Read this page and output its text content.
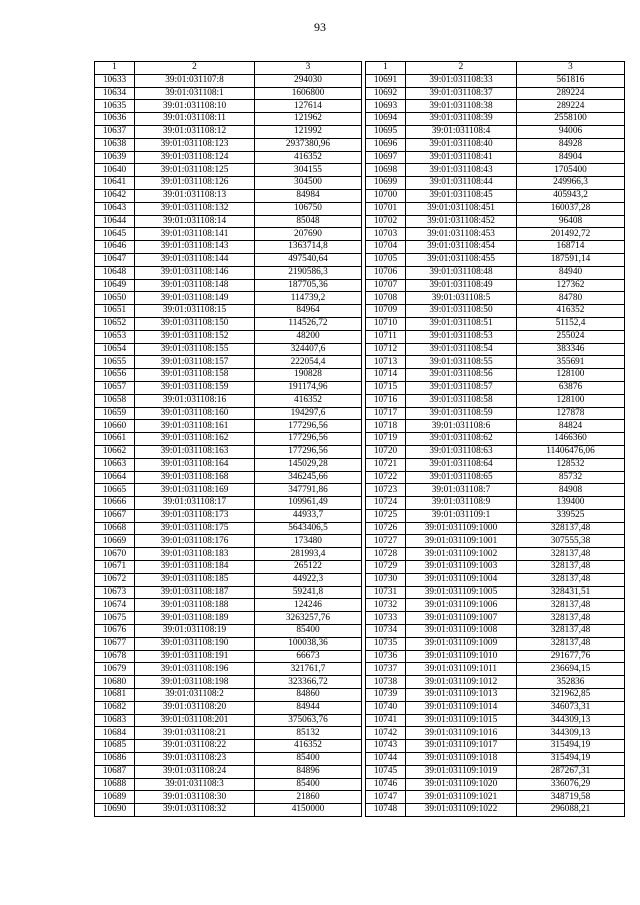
93
1	2	3
10633	39:01:031107:8	294030
10634	39:01:031108:1	1606800
10635	39:01:031108:10	127614
10636	39:01:031108:11	121962
10637	39:01:031108:12	121992
10638	39:01:031108:123	2937380,96
10639	39:01:031108:124	416352
10640	39:01:031108:125	304155
10641	39:01:031108:126	304500
10642	39:01:031108:13	84984
10643	39:01:031108:132	106750
10644	39:01:031108:14	85048
10645	39:01:031108:141	207690
10646	39:01:031108:143	1363714,8
10647	39:01:031108:144	497540,64
10648	39:01:031108:146	2190586,3
10649	39:01:031108:148	187705,36
10650	39:01:031108:149	114739,2
10651	39:01:031108:15	84964
10652	39:01:031108:150	114526,72
10653	39:01:031108:152	48200
10654	39:01:031108:155	324407,6
10655	39:01:031108:157	222054,4
10656	39:01:031108:158	190828
10657	39:01:031108:159	191174,96
10658	39:01:031108:16	416352
10659	39:01:031108:160	194297,6
10660	39:01:031108:161	177296,56
10661	39:01:031108:162	177296,56
10662	39:01:031108:163	177296,56
10663	39:01:031108:164	145029,28
10664	39:01:031108:168	346245,66
10665	39:01:031108:169	347791,86
10666	39:01:031108:17	109961,49
10667	39:01:031108:173	44933,7
10668	39:01:031108:175	5643406,5
10669	39:01:031108:176	173480
10670	39:01:031108:183	281993,4
10671	39:01:031108:184	265122
10672	39:01:031108:185	44922,3
10673	39:01:031108:187	59241,8
10674	39:01:031108:188	124246
10675	39:01:031108:189	3263257,76
10676	39:01:031108:19	85400
10677	39:01:031108:190	100038,36
10678	39:01:031108:191	66673
10679	39:01:031108:196	321761,7
10680	39:01:031108:198	323366,72
10681	39:01:031108:2	84860
10682	39:01:031108:20	84944
10683	39:01:031108:201	375063,76
10684	39:01:031108:21	85132
10685	39:01:031108:22	416352
10686	39:01:031108:23	85400
10687	39:01:031108:24	84896
10688	39:01:031108:3	85400
10689	39:01:031108:30	21860
10690	39:01:031108:32	4150000
1	2	3
10691	39:01:031108:33	561816
10692	39:01:031108:37	289224
10693	39:01:031108:38	289224
10694	39:01:031108:39	2558100
10695	39:01:031108:4	94006
10696	39:01:031108:40	84928
10697	39:01:031108:41	84904
10698	39:01:031108:43	1705400
10699	39:01:031108:44	249966,3
10700	39:01:031108:45	405943,2
10701	39:01:031108:451	160037,28
10702	39:01:031108:452	96408
10703	39:01:031108:453	201492,72
10704	39:01:031108:454	168714
10705	39:01:031108:455	187591,14
10706	39:01:031108:48	84940
10707	39:01:031108:49	127362
10708	39:01:031108:5	84780
10709	39:01:031108:50	416352
10710	39:01:031108:51	51152,4
10711	39:01:031108:53	255024
10712	39:01:031108:54	383346
10713	39:01:031108:55	355691
10714	39:01:031108:56	128100
10715	39:01:031108:57	63876
10716	39:01:031108:58	128100
10717	39:01:031108:59	127878
10718	39:01:031108:6	84824
10719	39:01:031108:62	1466360
10720	39:01:031108:63	11406476,06
10721	39:01:031108:64	128532
10722	39:01:031108:65	85732
10723	39:01:031108:7	84908
10724	39:01:031108:9	139400
10725	39:01:031109:1	339525
10726	39:01:031109:1000	328137,48
10727	39:01:031109:1001	307555,38
10728	39:01:031109:1002	328137,48
10729	39:01:031109:1003	328137,48
10730	39:01:031109:1004	328137,48
10731	39:01:031109:1005	328431,51
10732	39:01:031109:1006	328137,48
10733	39:01:031109:1007	328137,48
10734	39:01:031109:1008	328137,48
10735	39:01:031109:1009	328137,48
10736	39:01:031109:1010	291677,76
10737	39:01:031109:1011	236694,15
10738	39:01:031109:1012	352836
10739	39:01:031109:1013	321962,85
10740	39:01:031109:1014	346073,31
10741	39:01:031109:1015	344309,13
10742	39:01:031109:1016	344309,13
10743	39:01:031109:1017	315494,19
10744	39:01:031109:1018	315494,19
10745	39:01:031109:1019	287267,31
10746	39:01:031109:1020	336076,29
10747	39:01:031109:1021	348719,58
10748	39:01:031109:1022	296088,21
